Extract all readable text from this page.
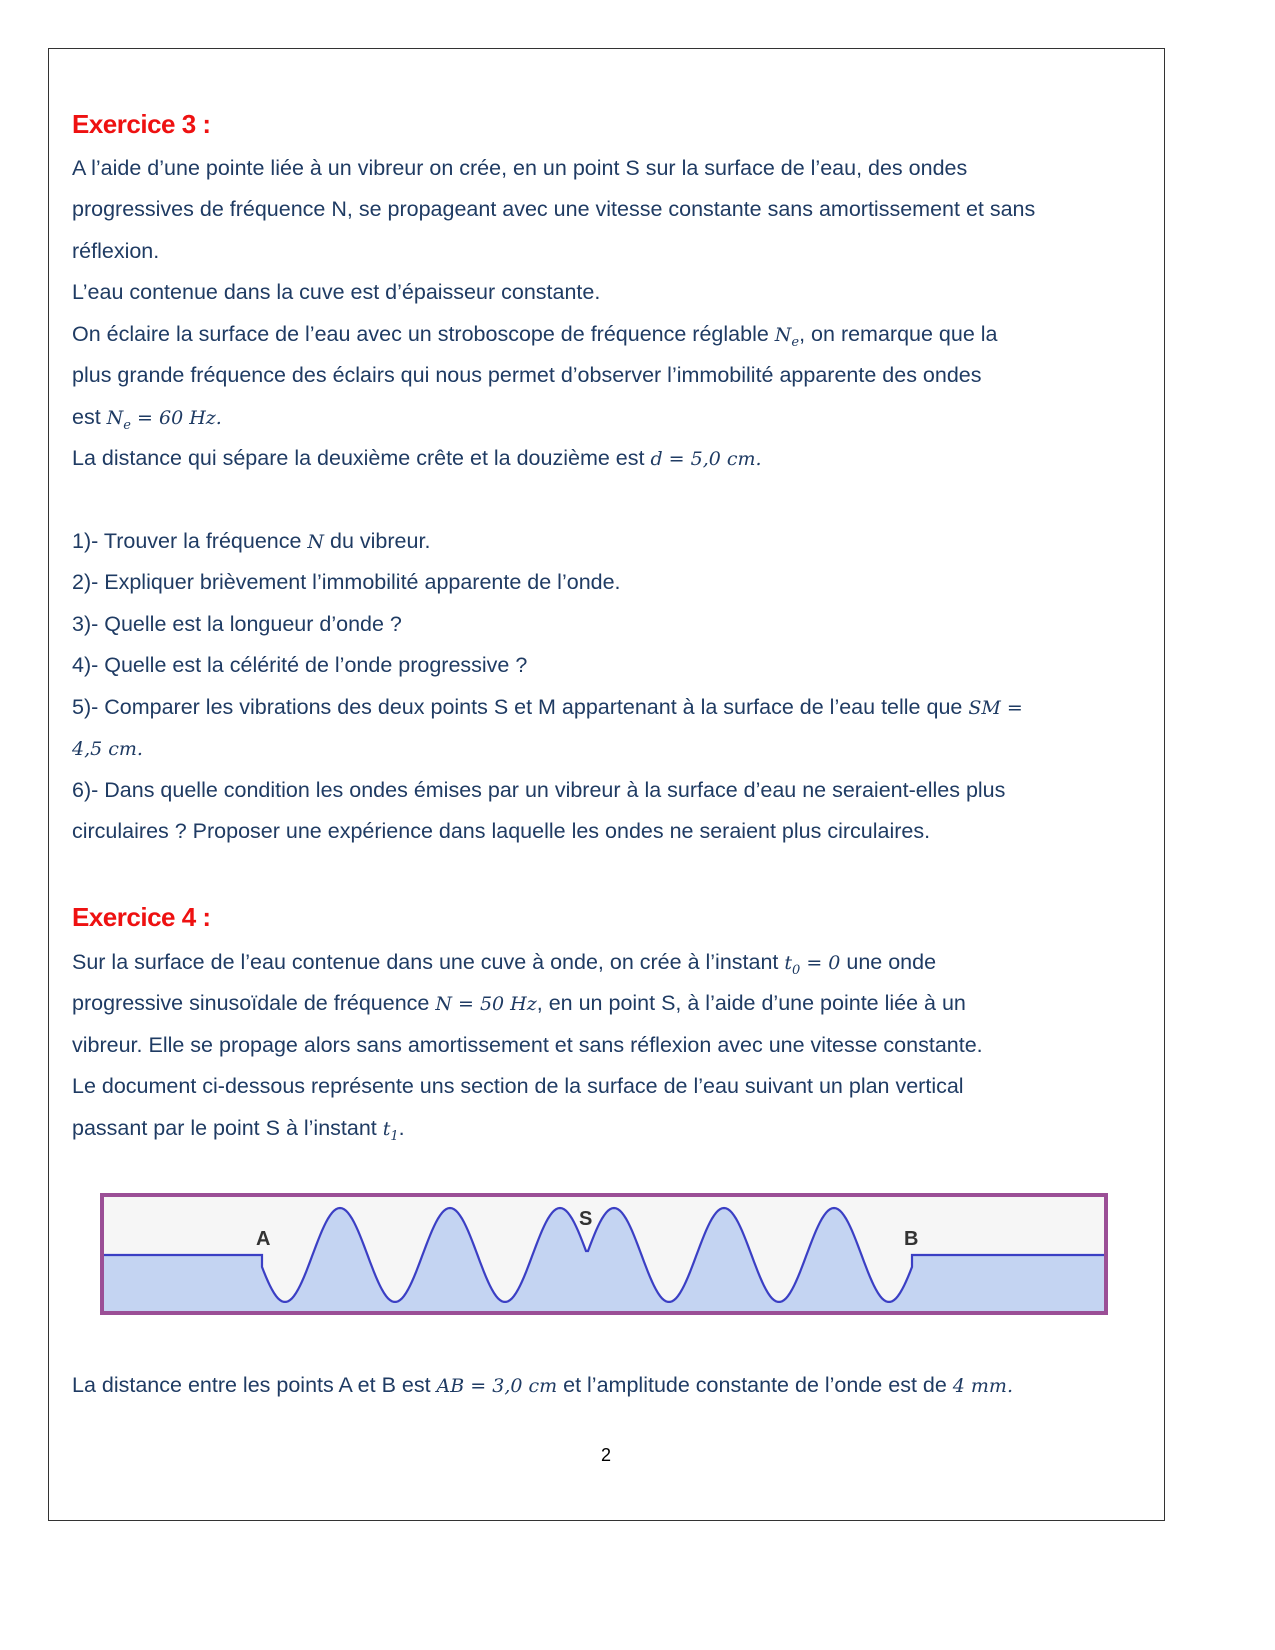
Exercice 3 :
A l’aide d’une pointe liée à un vibreur on crée, en un point S sur la surface de l’eau, des ondes
progressives de fréquence N, se propageant avec une vitesse constante sans amortissement et sans
réflexion.
L’eau contenue dans la cuve est d’épaisseur constante.
On éclaire la surface de l’eau avec un stroboscope de fréquence réglable $N_e$, on remarque que la
plus grande fréquence des éclairs qui nous permet d’observer l’immobilité apparente des ondes
est $N_e = 60$ Hz.
La distance qui sépare la deuxième crête et la douzième est d = 5,0 cm.
1)- Trouver la fréquence N du vibreur.
2)- Expliquer brièvement l’immobilité apparente de l’onde.
3)- Quelle est la longueur d’onde ?
4)- Quelle est la célérité de l’onde progressive ?
5)- Comparer les vibrations des deux points S et M appartenant à la surface de l’eau telle que SM =
4,5 cm.
6)- Dans quelle condition les ondes émises par un vibreur à la surface d’eau ne seraient-elles plus
circulaires ? Proposer une expérience dans laquelle les ondes ne seraient plus circulaires.
Exercice 4 :
Sur la surface de l’eau contenue dans une cuve à onde, on crée à l’instant $t_0 = 0$ une onde
progressive sinusoïdale de fréquence N = 50 Hz, en un point S, à l’aide d’une pointe liée à un
vibreur. Elle se propage alors sans amortissement et sans réflexion avec une vitesse constante.
Le document ci-dessous représente uns section de la surface de l’eau suivant un plan vertical
passant par le point S à l’instant $t_1$.
La distance entre les points A et B est AB = 3,0 cm et l’amplitude constante de l’onde est de 4 mm.
A
S
B
2
